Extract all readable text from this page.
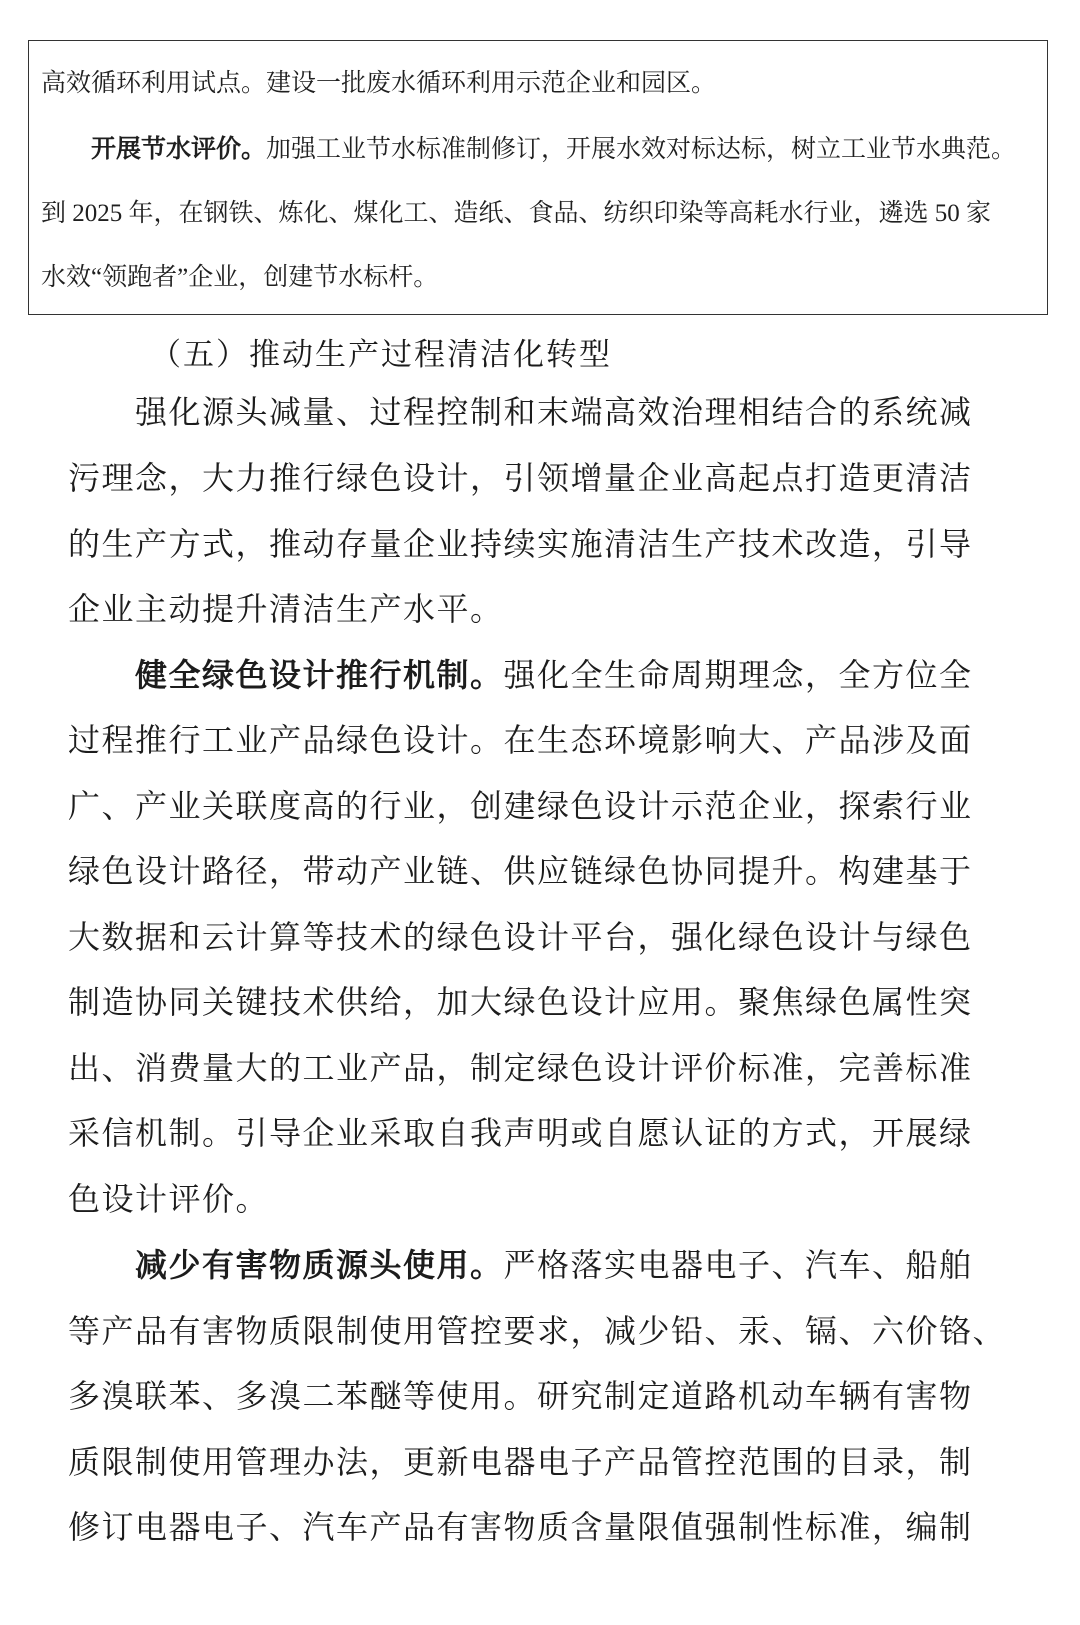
高效循环利用试点。建设一批废水循环利用示范企业和园区。
开展节水评价。加强工业节水标准制修订，开展水效对标达标，树立工业节水典范。
到 2025 年，在钢铁、炼化、煤化工、造纸、食品、纺织印染等高耗水行业，遴选 50 家
水效“领跑者”企业，创建节水标杆。
（五）推动生产过程清洁化转型
强化源头减量、过程控制和末端高效治理相结合的系统减
污理念，大力推行绿色设计，引领增量企业高起点打造更清洁
的生产方式，推动存量企业持续实施清洁生产技术改造，引导
企业主动提升清洁生产水平。
健全绿色设计推行机制。强化全生命周期理念，全方位全
过程推行工业产品绿色设计。在生态环境影响大、产品涉及面
广、产业关联度高的行业，创建绿色设计示范企业，探索行业
绿色设计路径，带动产业链、供应链绿色协同提升。构建基于
大数据和云计算等技术的绿色设计平台，强化绿色设计与绿色
制造协同关键技术供给，加大绿色设计应用。聚焦绿色属性突
出、消费量大的工业产品，制定绿色设计评价标准，完善标准
采信机制。引导企业采取自我声明或自愿认证的方式，开展绿
色设计评价。
减少有害物质源头使用。严格落实电器电子、汽车、船舶
等产品有害物质限制使用管控要求，减少铅、汞、镉、六价铬、
多溴联苯、多溴二苯醚等使用。研究制定道路机动车辆有害物
质限制使用管理办法，更新电器电子产品管控范围的目录，制
修订电器电子、汽车产品有害物质含量限值强制性标准，编制
